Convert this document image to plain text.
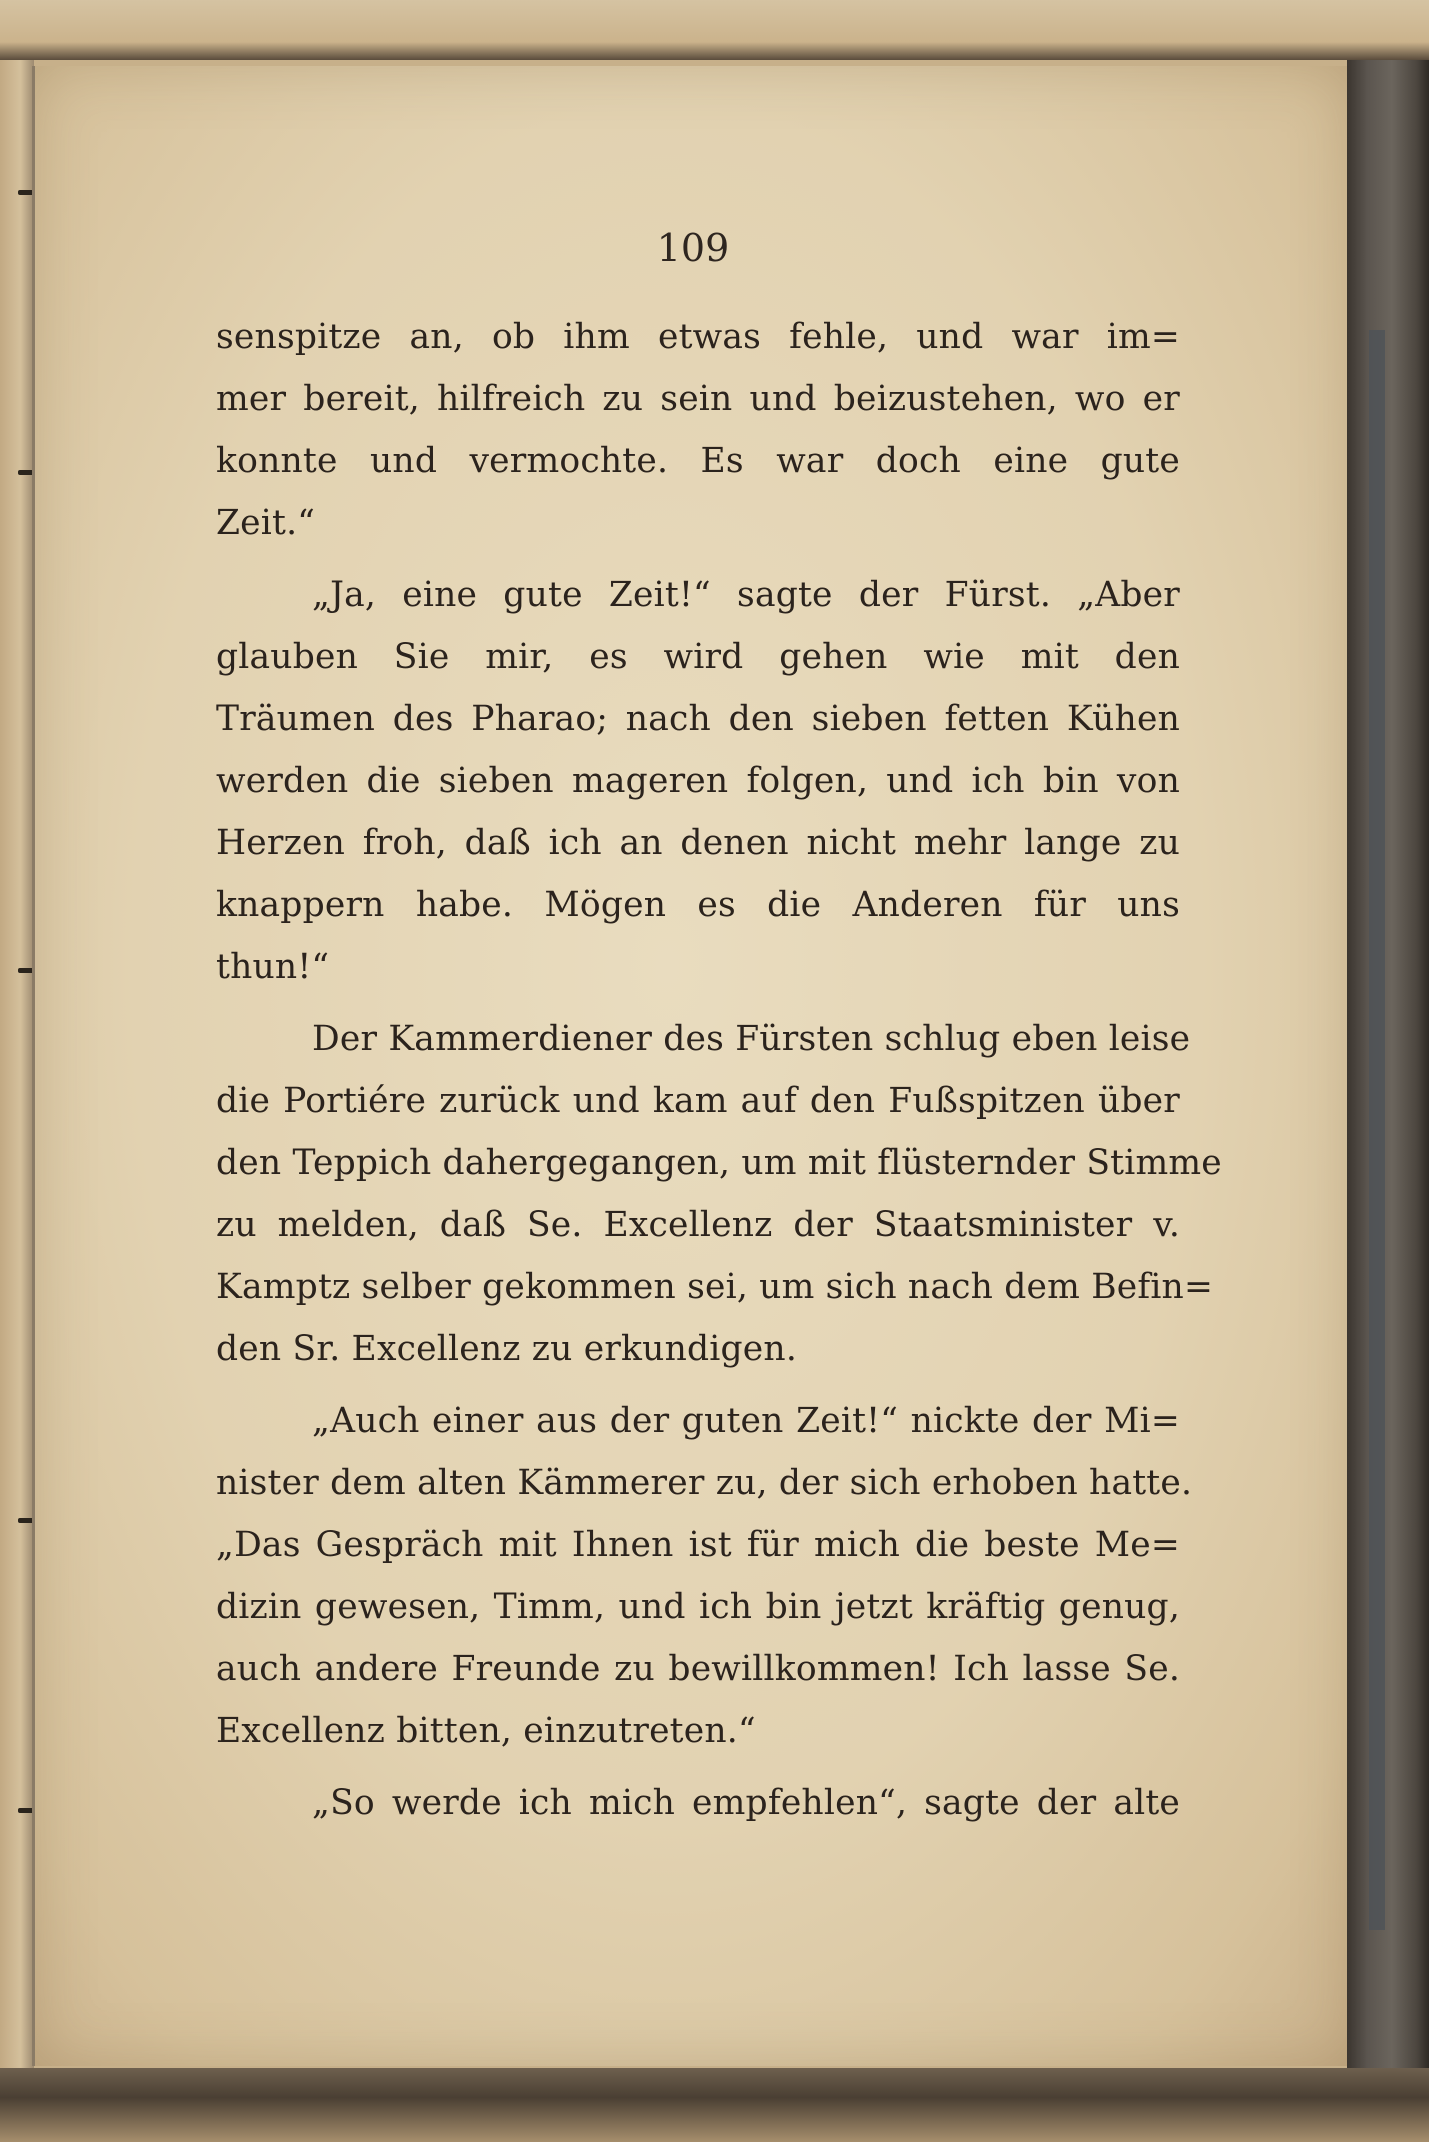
109
senspitze an, ob ihm etwas fehle, und war im=
mer bereit, hilfreich zu sein und beizustehen, wo er
konnte und vermochte. Es war doch eine gute
Zeit.“
„Ja, eine gute Zeit!“ sagte der Fürst. „Aber
glauben Sie mir, es wird gehen wie mit den
Träumen des Pharao; nach den sieben fetten Kühen
werden die sieben mageren folgen, und ich bin von
Herzen froh, daß ich an denen nicht mehr lange zu
knappern habe. Mögen es die Anderen für uns
thun!“
Der Kammerdiener des Fürsten schlug eben leise
die Portiére zurück und kam auf den Fußspitzen über
den Teppich dahergegangen, um mit flüsternder Stimme
zu melden, daß Se. Excellenz der Staatsminister v.
Kamptz selber gekommen sei, um sich nach dem Befin=
den Sr. Excellenz zu erkundigen.
„Auch einer aus der guten Zeit!“ nickte der Mi=
nister dem alten Kämmerer zu, der sich erhoben hatte.
„Das Gespräch mit Ihnen ist für mich die beste Me=
dizin gewesen, Timm, und ich bin jetzt kräftig genug,
auch andere Freunde zu bewillkommen! Ich lasse Se.
Excellenz bitten, einzutreten.“
„So werde ich mich empfehlen“, sagte der alte
